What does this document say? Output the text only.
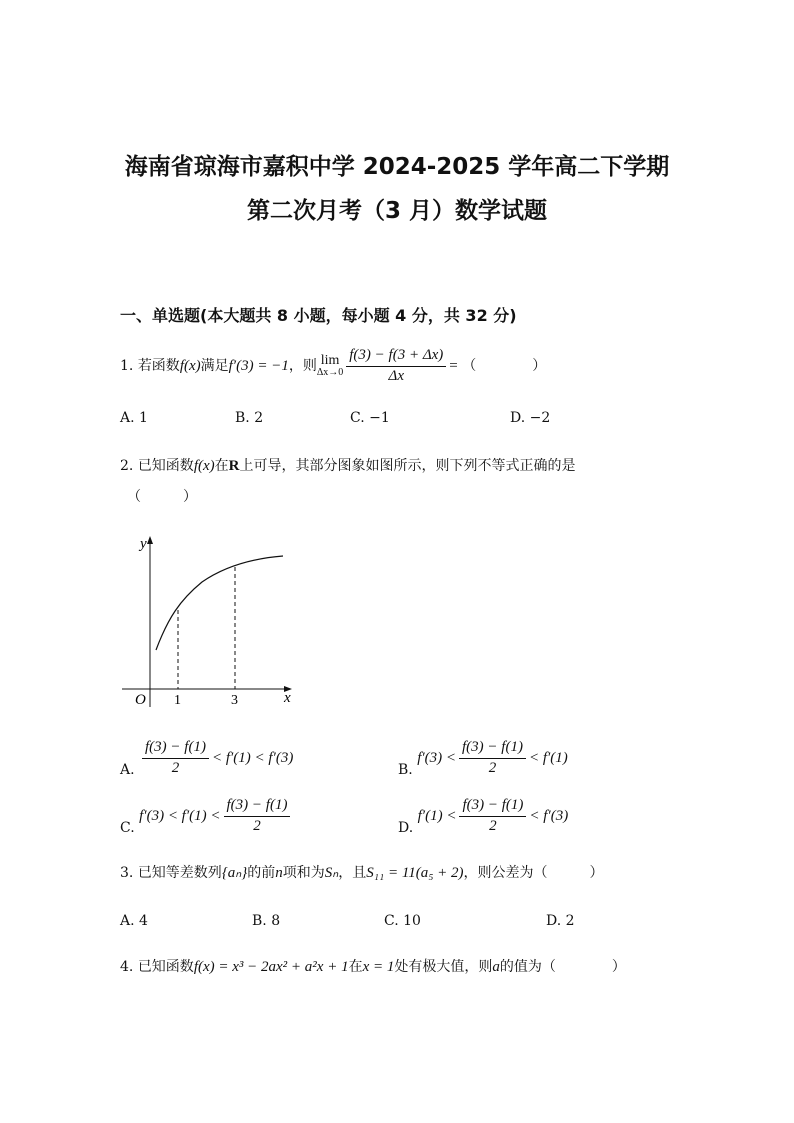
海南省琼海市嘉积中学 2024-2025 学年高二下学期
第二次月考（3 月）数学试题
一、单选题(本大题共 8 小题，每小题 4 分，共 32 分)
1. 若函数f(x)满足f′(3) = −1，则 lim
$\Delta x\to 0 \frac{f(3) - f(3 + \Delta x)}{\Delta x}$ = （　　　　）
A. 1	B. 2	C. −1	D. −2
2. 已知函数f(x)在R上可导，其部分图象如图所示，则下列不等式正确的是
（　　　）
y
x
O 1	3
A. $\frac{f(3) - f(1)}{2} < f'(1) < f'(3)$
B. $f'(3) < \frac{f(3) - f(1)}{2} < f'(1)$
C. $f'(3) < f'(1) < \frac{f(3) - f(1)}{2}$	D. $f'(1) < \frac{f(3) - f(1)}{2} < f'(3)$
3. 已知等差数列{aₙ}的前n项和为Sₙ，且S₁₁ = 11(a₅ + 2)，则公差为（　　　）
A. 4	B. 8	C. 10	D. 2
4. 已知函数f(x) = x³ − 2ax² + a²x + 1在x = 1处有极大值，则a的值为（　　　　）
